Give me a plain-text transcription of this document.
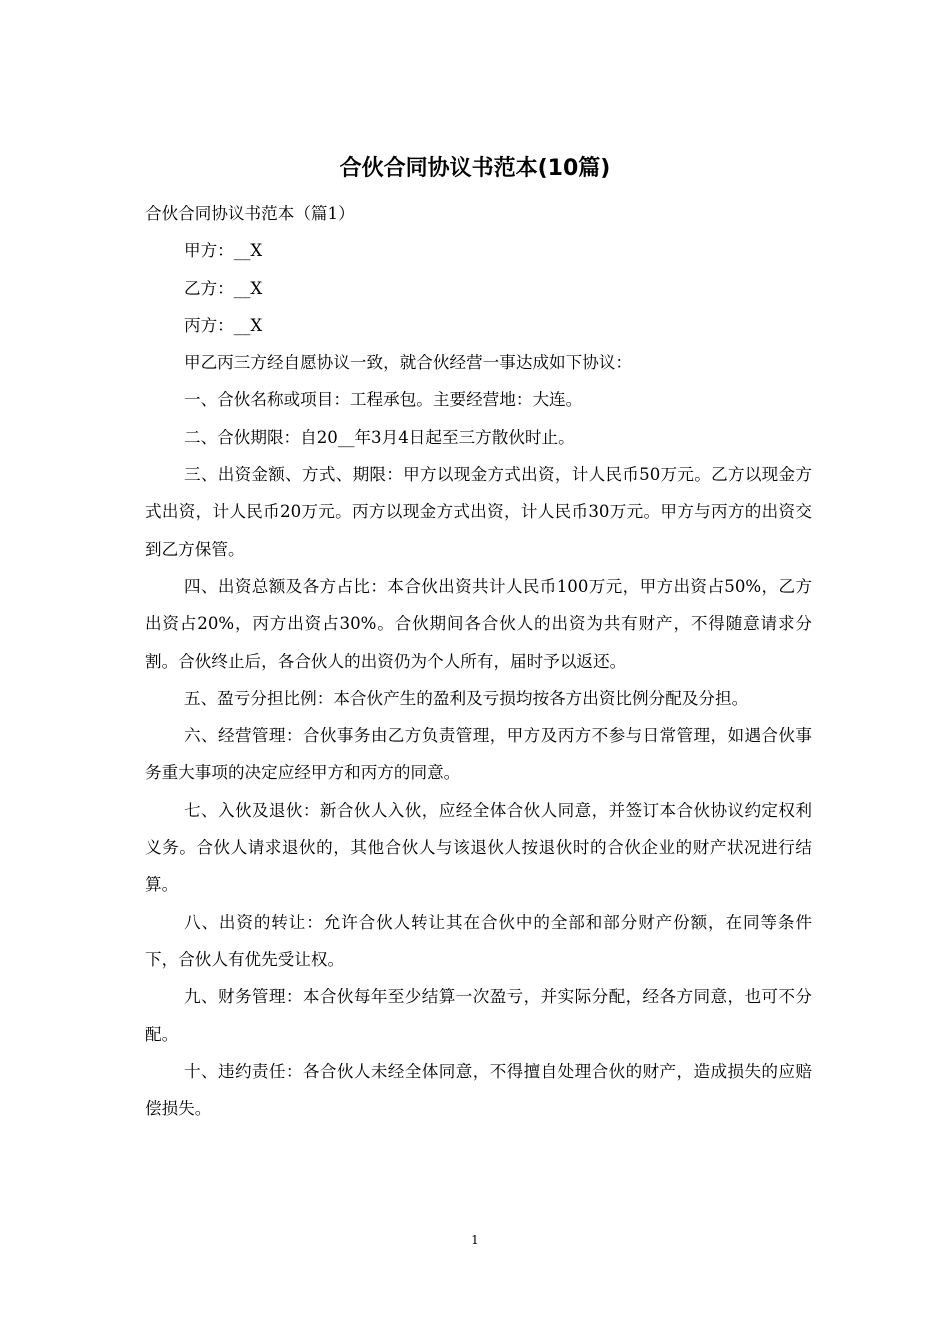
合伙合同协议书范本(10篇)

合伙合同协议书范本（篇1）

甲方：__X

乙方：__X

丙方：__X

甲乙丙三方经自愿协议一致，就合伙经营一事达成如下协议：

一、合伙名称或项目：工程承包。主要经营地：大连。

二、合伙期限：自20__年3月4日起至三方散伙时止。

三、出资金额、方式、期限：甲方以现金方式出资，计人民币50万元。乙方以现金方式出资，计人民币20万元。丙方以现金方式出资，计人民币30万元。甲方与丙方的出资交到乙方保管。

四、出资总额及各方占比：本合伙出资共计人民币100万元，甲方出资占50%，乙方出资占20%，丙方出资占30%。合伙期间各合伙人的出资为共有财产，不得随意请求分割。合伙终止后，各合伙人的出资仍为个人所有，届时予以返还。

五、盈亏分担比例：本合伙产生的盈利及亏损均按各方出资比例分配及分担。

六、经营管理：合伙事务由乙方负责管理，甲方及丙方不参与日常管理，如遇合伙事务重大事项的决定应经甲方和丙方的同意。

七、入伙及退伙：新合伙人入伙，应经全体合伙人同意，并签订本合伙协议约定权利义务。合伙人请求退伙的，其他合伙人与该退伙人按退伙时的合伙企业的财产状况进行结算。

八、出资的转让：允许合伙人转让其在合伙中的全部和部分财产份额，在同等条件下，合伙人有优先受让权。

九、财务管理：本合伙每年至少结算一次盈亏，并实际分配，经各方同意，也可不分配。

十、违约责任：各合伙人未经全体同意，不得擅自处理合伙的财产，造成损失的应赔偿损失。

1
